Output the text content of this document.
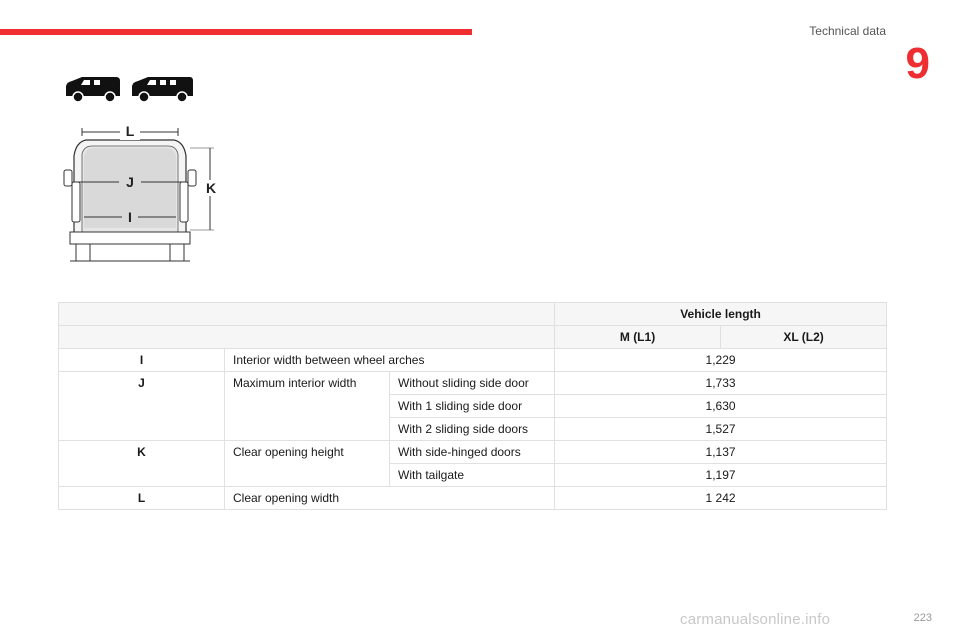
Technical data
9
L
J
I
K
			Vehicle length	
			M (L1)	XL (L2)
I	Interior width between wheel arches		1,229	
J	Maximum interior width	Without sliding side door	1,733	
		With 1 sliding side door	1,630	
		With 2 sliding side doors	1,527	
K	Clear opening height	With side-hinged doors	1,137	
		With tailgate	1,197	
L	Clear opening width		1 242	
223
carmanualsonline.info
